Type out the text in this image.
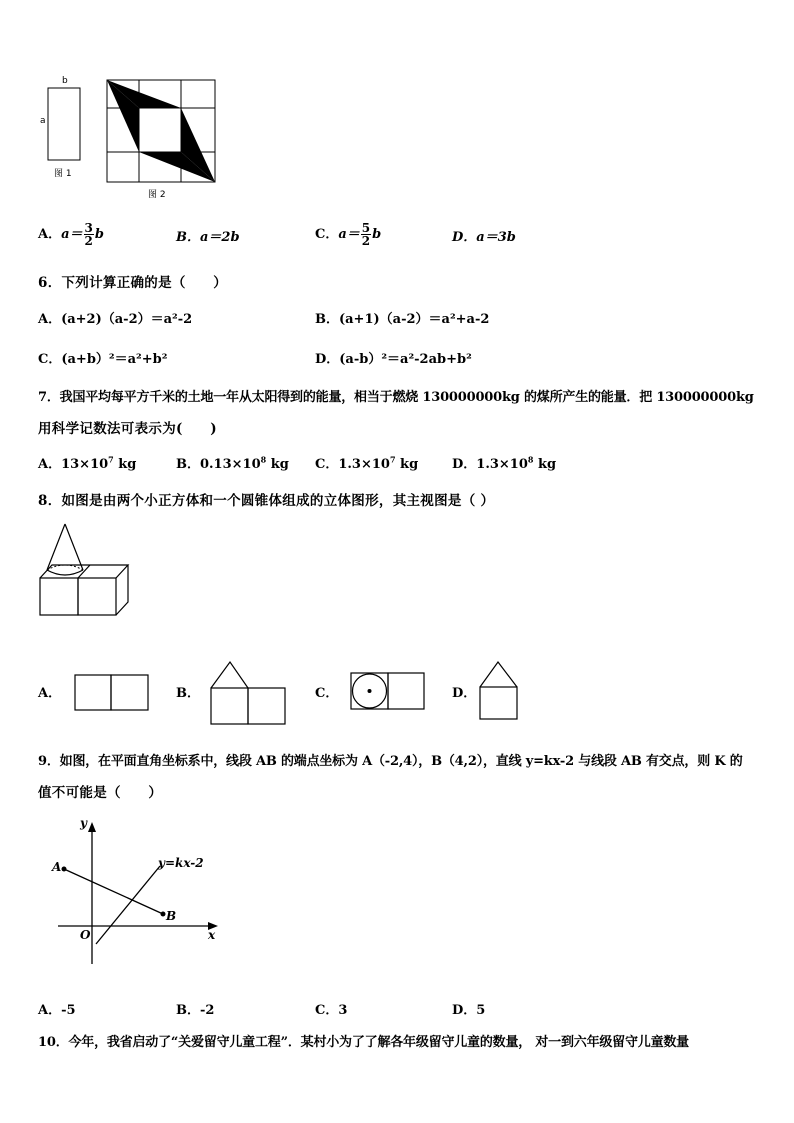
b
a
图 1
图 2
A．$a= \frac{3}{2}$ b	B．a＝2b	C．$a= \frac{5}{2}$ b	D．a＝3b
6．下列计算正确的是（　　）
A．(a+2)（a-2）＝a²-2	B．(a+1)（a-2）＝a²+a-2
C．(a+b）²＝a²+b²	D．(a-b）²＝a²-2ab+b²
7．我国平均每平方千米的土地一年从太阳得到的能量，相当于燃烧 130000000kg 的煤所产生的能量．把 130000000kg
用科学记数法可表示为(　　)
A．$13\times 10^7$ kg	B．$0.13\times 10^8$ kg C．$1.3\times 10^7$ kg	D．$1.3\times 10^8$ kg
8．如图是由两个小正方体和一个圆锥体组成的立体图形，其主视图是（ ）
A．	B．	C．	D．
9．如图，在平面直角坐标系中，线段 AB 的端点坐标为 A（-2,4），B（4,2），直线 y=kx-2 与线段 AB 有交点，则 K 的
值不可能是（　　）
y
x
O
A
B
y=kx-2
A．-5	B．-2	C．3	D．5
10．今年，我省启动了“关爱留守儿童工程”．某村小为了了解各年级留守儿童的数量， 对一到六年级留守儿童数量
